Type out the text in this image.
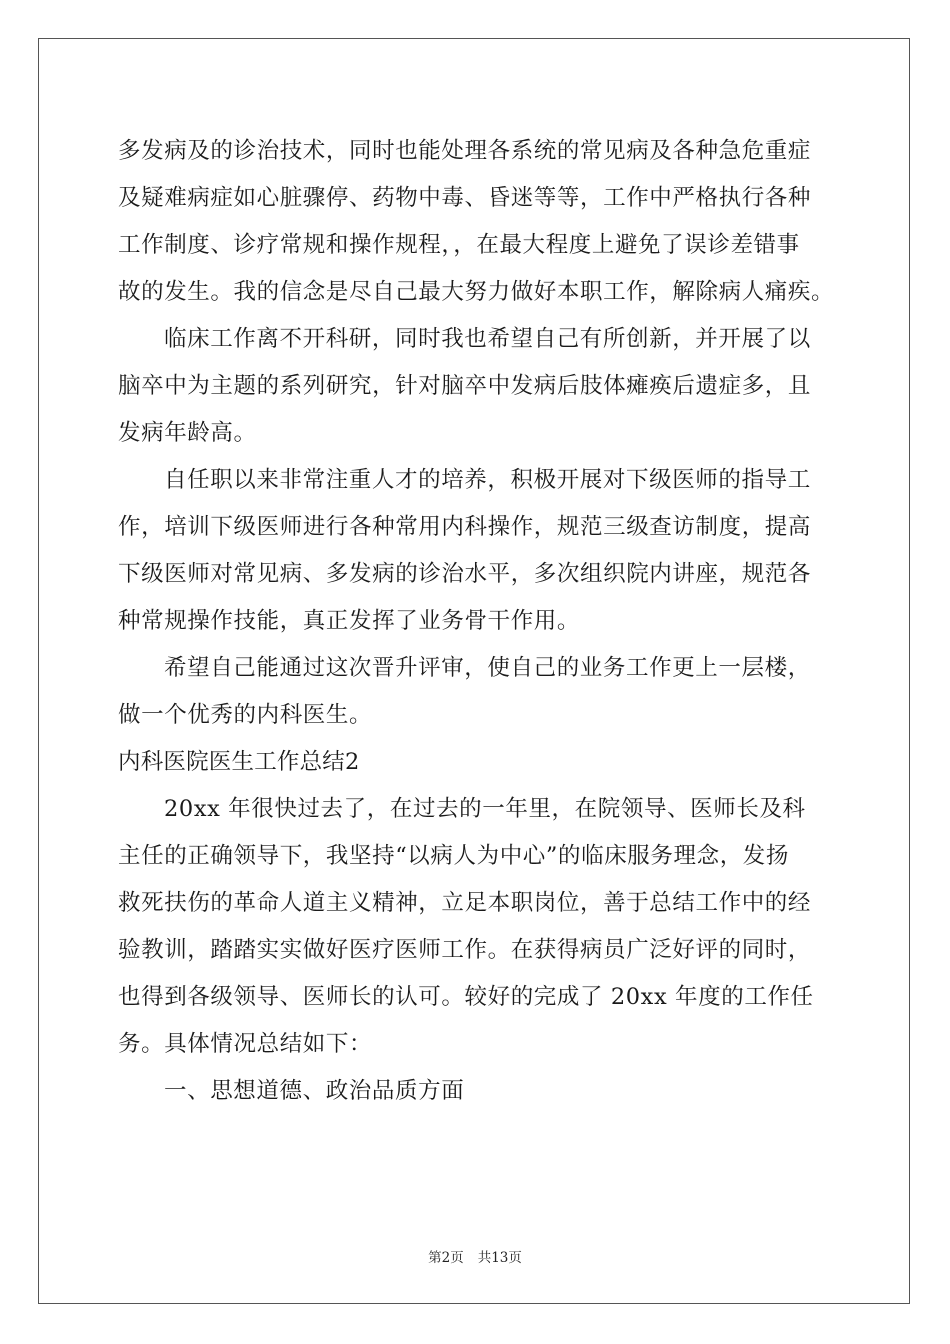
多发病及的诊治技术，同时也能处理各系统的常见病及各种急危重症
及疑难病症如心脏骤停、药物中毒、昏迷等等，工作中严格执行各种
工作制度、诊疗常规和操作规程，，在最大程度上避免了误诊差错事
故的发生。我的信念是尽自己最大努力做好本职工作，解除病人痛疾。
临床工作离不开科研，同时我也希望自己有所创新，并开展了以
脑卒中为主题的系列研究，针对脑卒中发病后肢体瘫痪后遗症多，且
发病年龄高。
自任职以来非常注重人才的培养，积极开展对下级医师的指导工
作，培训下级医师进行各种常用内科操作，规范三级查访制度，提高
下级医师对常见病、多发病的诊治水平，多次组织院内讲座，规范各
种常规操作技能，真正发挥了业务骨干作用。
希望自己能通过这次晋升评审，使自己的业务工作更上一层楼，
做一个优秀的内科医生。
内科医院医生工作总结2
20xx 年很快过去了，在过去的一年里，在院领导、医师长及科
主任的正确领导下，我坚持“以病人为中心”的临床服务理念，发扬
救死扶伤的革命人道主义精神，立足本职岗位，善于总结工作中的经
验教训，踏踏实实做好医疗医师工作。在获得病员广泛好评的同时，
也得到各级领导、医师长的认可。较好的完成了 20xx 年度的工作任
务。具体情况总结如下：
一、思想道德、政治品质方面
第2页 共13页
